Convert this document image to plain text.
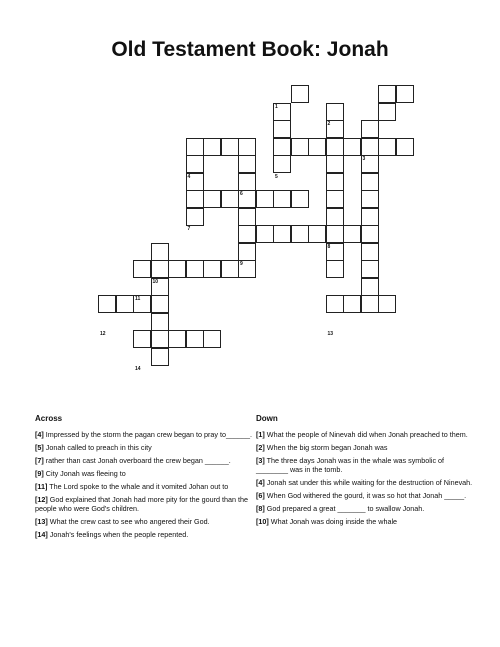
Old Testament Book: Jonah
1
2
3
4	5
6
7
8
9
10
11
12	13
14
Across
[4] Impressed by the storm the pagan crew began to pray to______.
[5] Jonah called to preach in this city
[7] rather than cast Jonah overboard the crew began ______.
[9] City Jonah was fleeing to
[11] The Lord spoke to the whale and it vomited Johan out to
[12] God explained that Jonah had more pity for the gourd than the people who were God's children.
[13] What the crew cast to see who angered their God.
[14] Jonah's feelings when the people repented.
Down
[1] What the people of Ninevah did when Jonah preached to them.
[2] When the big storm began Jonah was
[3] The three days Jonah was in the whale was symbolic of ________ was in the tomb.
[4] Jonah sat under this while waiting for the destruction of Ninevah.
[6] When God withered the gourd, it was so hot that Jonah _____.
[8] God prepared a great _______ to swallow Jonah.
[10] What Jonah was doing inside the whale
